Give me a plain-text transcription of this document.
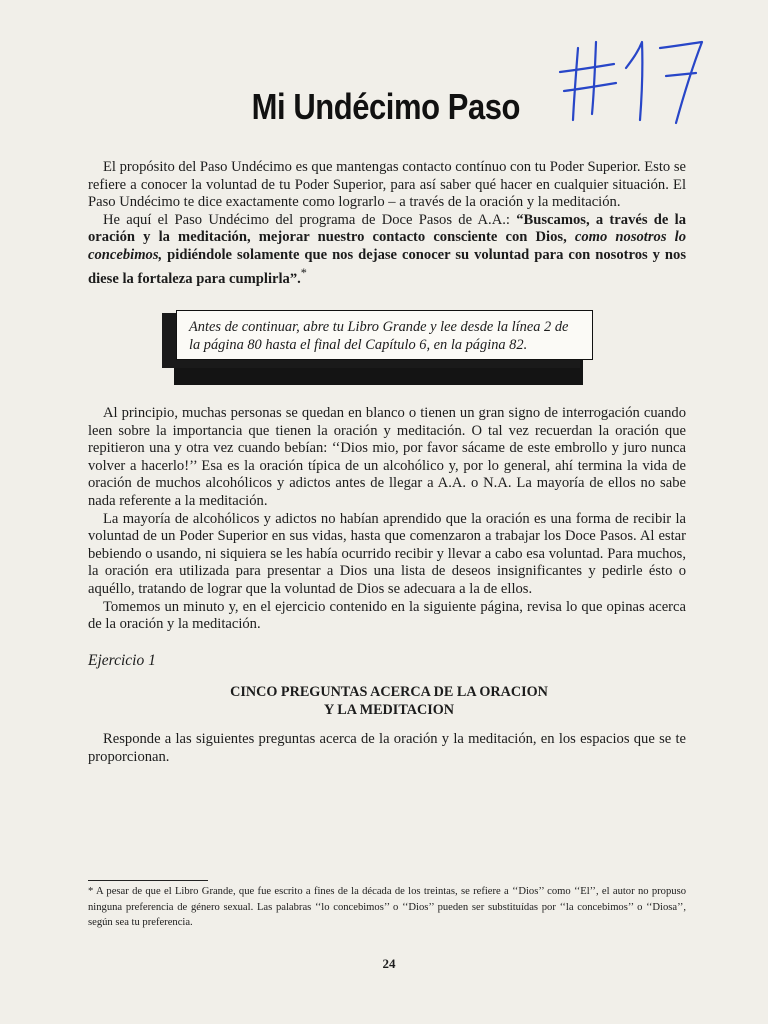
Mi Undécimo Paso

El propósito del Paso Undécimo es que mantengas contacto contínuo con tu Poder Superior. Esto se refiere a conocer la voluntad de tu Poder Superior, para así saber qué hacer en cualquier situación. El Paso Undécimo te dice exactamente como lograrlo – a través de la oración y la meditación.

He aquí el Paso Undécimo del programa de Doce Pasos de A.A.: “Buscamos, a través de la oración y la meditación, mejorar nuestro contacto consciente con Dios, como nosotros lo concebimos, pidiéndole solamente que nos dejase conocer su voluntad para con nosotros y nos diese la fortaleza para cumplirla”.*

Antes de continuar, abre tu Libro Grande y lee desde la línea 2 de la página 80 hasta el final del Capítulo 6, en la página 82.

Al principio, muchas personas se quedan en blanco o tienen un gran signo de interrogación cuando leen sobre la importancia que tienen la oración y meditación. O tal vez recuerdan la oración que repitieron una y otra vez cuando bebían: ‘‘Dios mio, por favor sácame de este embrollo y juro nunca volver a hacerlo!’’ Esa es la oración típica de un alcohólico y, por lo general, ahí termina la vida de oración de muchos alcohólicos y adictos antes de llegar a A.A. o N.A. La mayoría de ellos no sabe nada referente a la meditación.

La mayoría de alcohólicos y adictos no habían aprendido que la oración es una forma de recibir la voluntad de un Poder Superior en sus vidas, hasta que comenzaron a trabajar los Doce Pasos. Al estar bebiendo o usando, ni siquiera se les había ocurrido recibir y llevar a cabo esa voluntad. Para muchos, la oración era utilizada para presentar a Dios una lista de deseos insignificantes y pedirle ésto o aquéllo, tratando de lograr que la voluntad de Dios se adecuara a la de ellos.

Tomemos un minuto y, en el ejercicio contenido en la siguiente página, revisa lo que opinas acerca de la oración y la meditación.

Ejercicio 1
CINCO PREGUNTAS ACERCA DE LA ORACION
Y LA MEDITACION

Responde a las siguientes preguntas acerca de la oración y la meditación, en los espacios que se te proporcionan.

* A pesar de que el Libro Grande, que fue escrito a fines de la década de los treintas, se refiere a ‘‘Dios’’ como ‘‘El’’, el autor no propuso ninguna preferencia de género sexual. Las palabras ‘‘lo concebimos’’ o ‘‘Dios’’ pueden ser substituídas por ‘‘la concebimos’’ o ‘‘Diosa’’, según sea tu preferencia.
24
